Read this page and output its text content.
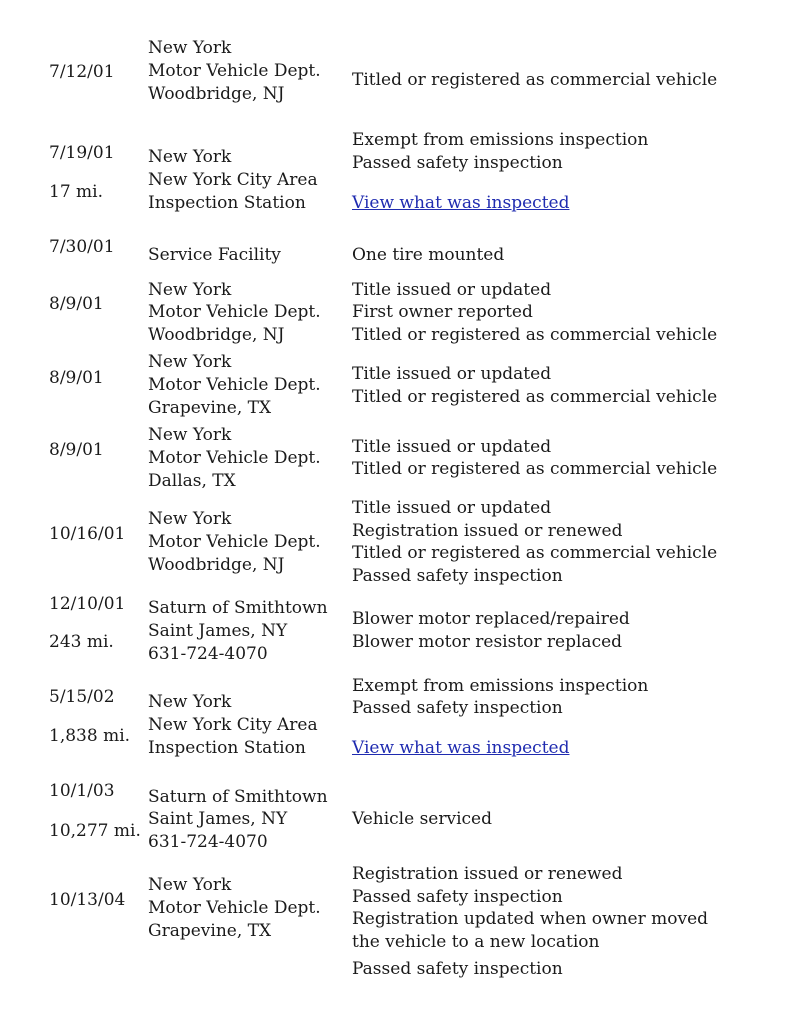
7/12/01
New York
Motor Vehicle Dept.
Woodbridge, NJ
Titled or registered as commercial vehicle
7/19/01
17 mi.
New York
New York City Area
Inspection Station
Exempt from emissions inspection
Passed safety inspection
View what was inspected
7/30/01 Service Facility	One tire mounted
8/9/01
New York
Motor Vehicle Dept.
Woodbridge, NJ
Title issued or updated
First owner reported
Titled or registered as commercial vehicle
8/9/01
New York
Motor Vehicle Dept.
Grapevine, TX
Title issued or updated
Titled or registered as commercial vehicle
8/9/01
New York
Motor Vehicle Dept.
Dallas, TX
Title issued or updated
Titled or registered as commercial vehicle
10/16/01
New York
Motor Vehicle Dept.
Woodbridge, NJ
Title issued or updated
Registration issued or renewed
Titled or registered as commercial vehicle
Passed safety inspection
12/10/01
243 mi.
Saturn of Smithtown
Saint James, NY
631-724-4070
Blower motor replaced/repaired
Blower motor resistor replaced
5/15/02
1,838 mi.
New York
New York City Area
Inspection Station
Exempt from emissions inspection
Passed safety inspection
View what was inspected
10/1/03
10,277 mi.
Saturn of Smithtown
Saint James, NY
631-724-4070
Vehicle serviced
10/13/04
New York
Motor Vehicle Dept.
Grapevine, TX
Registration issued or renewed
Passed safety inspection
Registration updated when owner moved
the vehicle to a new location
Passed safety inspection
